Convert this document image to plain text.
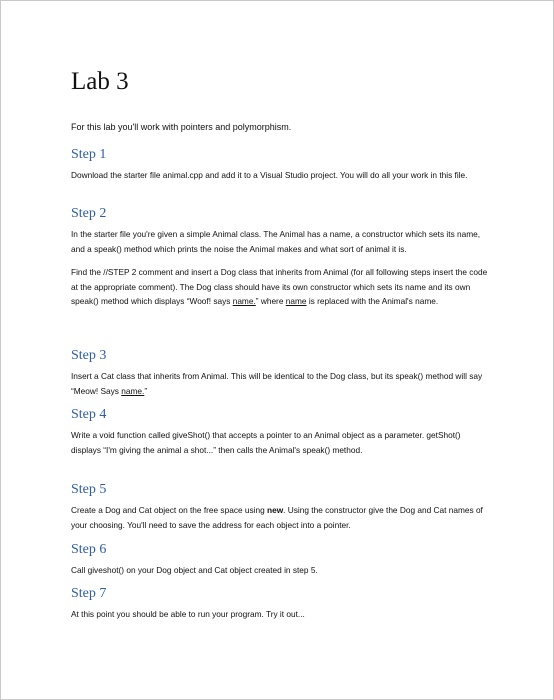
Lab 3

For this lab you'll work with pointers and polymorphism.

Step 1

Download the starter file animal.cpp and add it to a Visual Studio project. You will do all your work in this file.

Step 2

In the starter file you're given a simple Animal class. The Animal has a name, a constructor which sets its name, and a speak() method which prints the noise the Animal makes and what sort of animal it is.

Find the //STEP 2 comment and insert a Dog class that inherits from Animal (for all following steps insert the code at the appropriate comment). The Dog class should have its own constructor which sets its name and its own speak() method which displays “Woof! says name.” where name is replaced with the Animal's name.

Step 3

Insert a Cat class that inherits from Animal. This will be identical to the Dog class, but its speak() method will say “Meow! Says name.”

Step 4

Write a void function called giveShot() that accepts a pointer to an Animal object as a parameter. getShot() displays “I'm giving the animal a shot...” then calls the Animal's speak() method.

Step 5

Create a Dog and Cat object on the free space using new. Using the constructor give the Dog and Cat names of your choosing. You'll need to save the address for each object into a pointer.

Step 6

Call giveshot() on your Dog object and Cat object created in step 5.

Step 7

At this point you should be able to run your program. Try it out...
